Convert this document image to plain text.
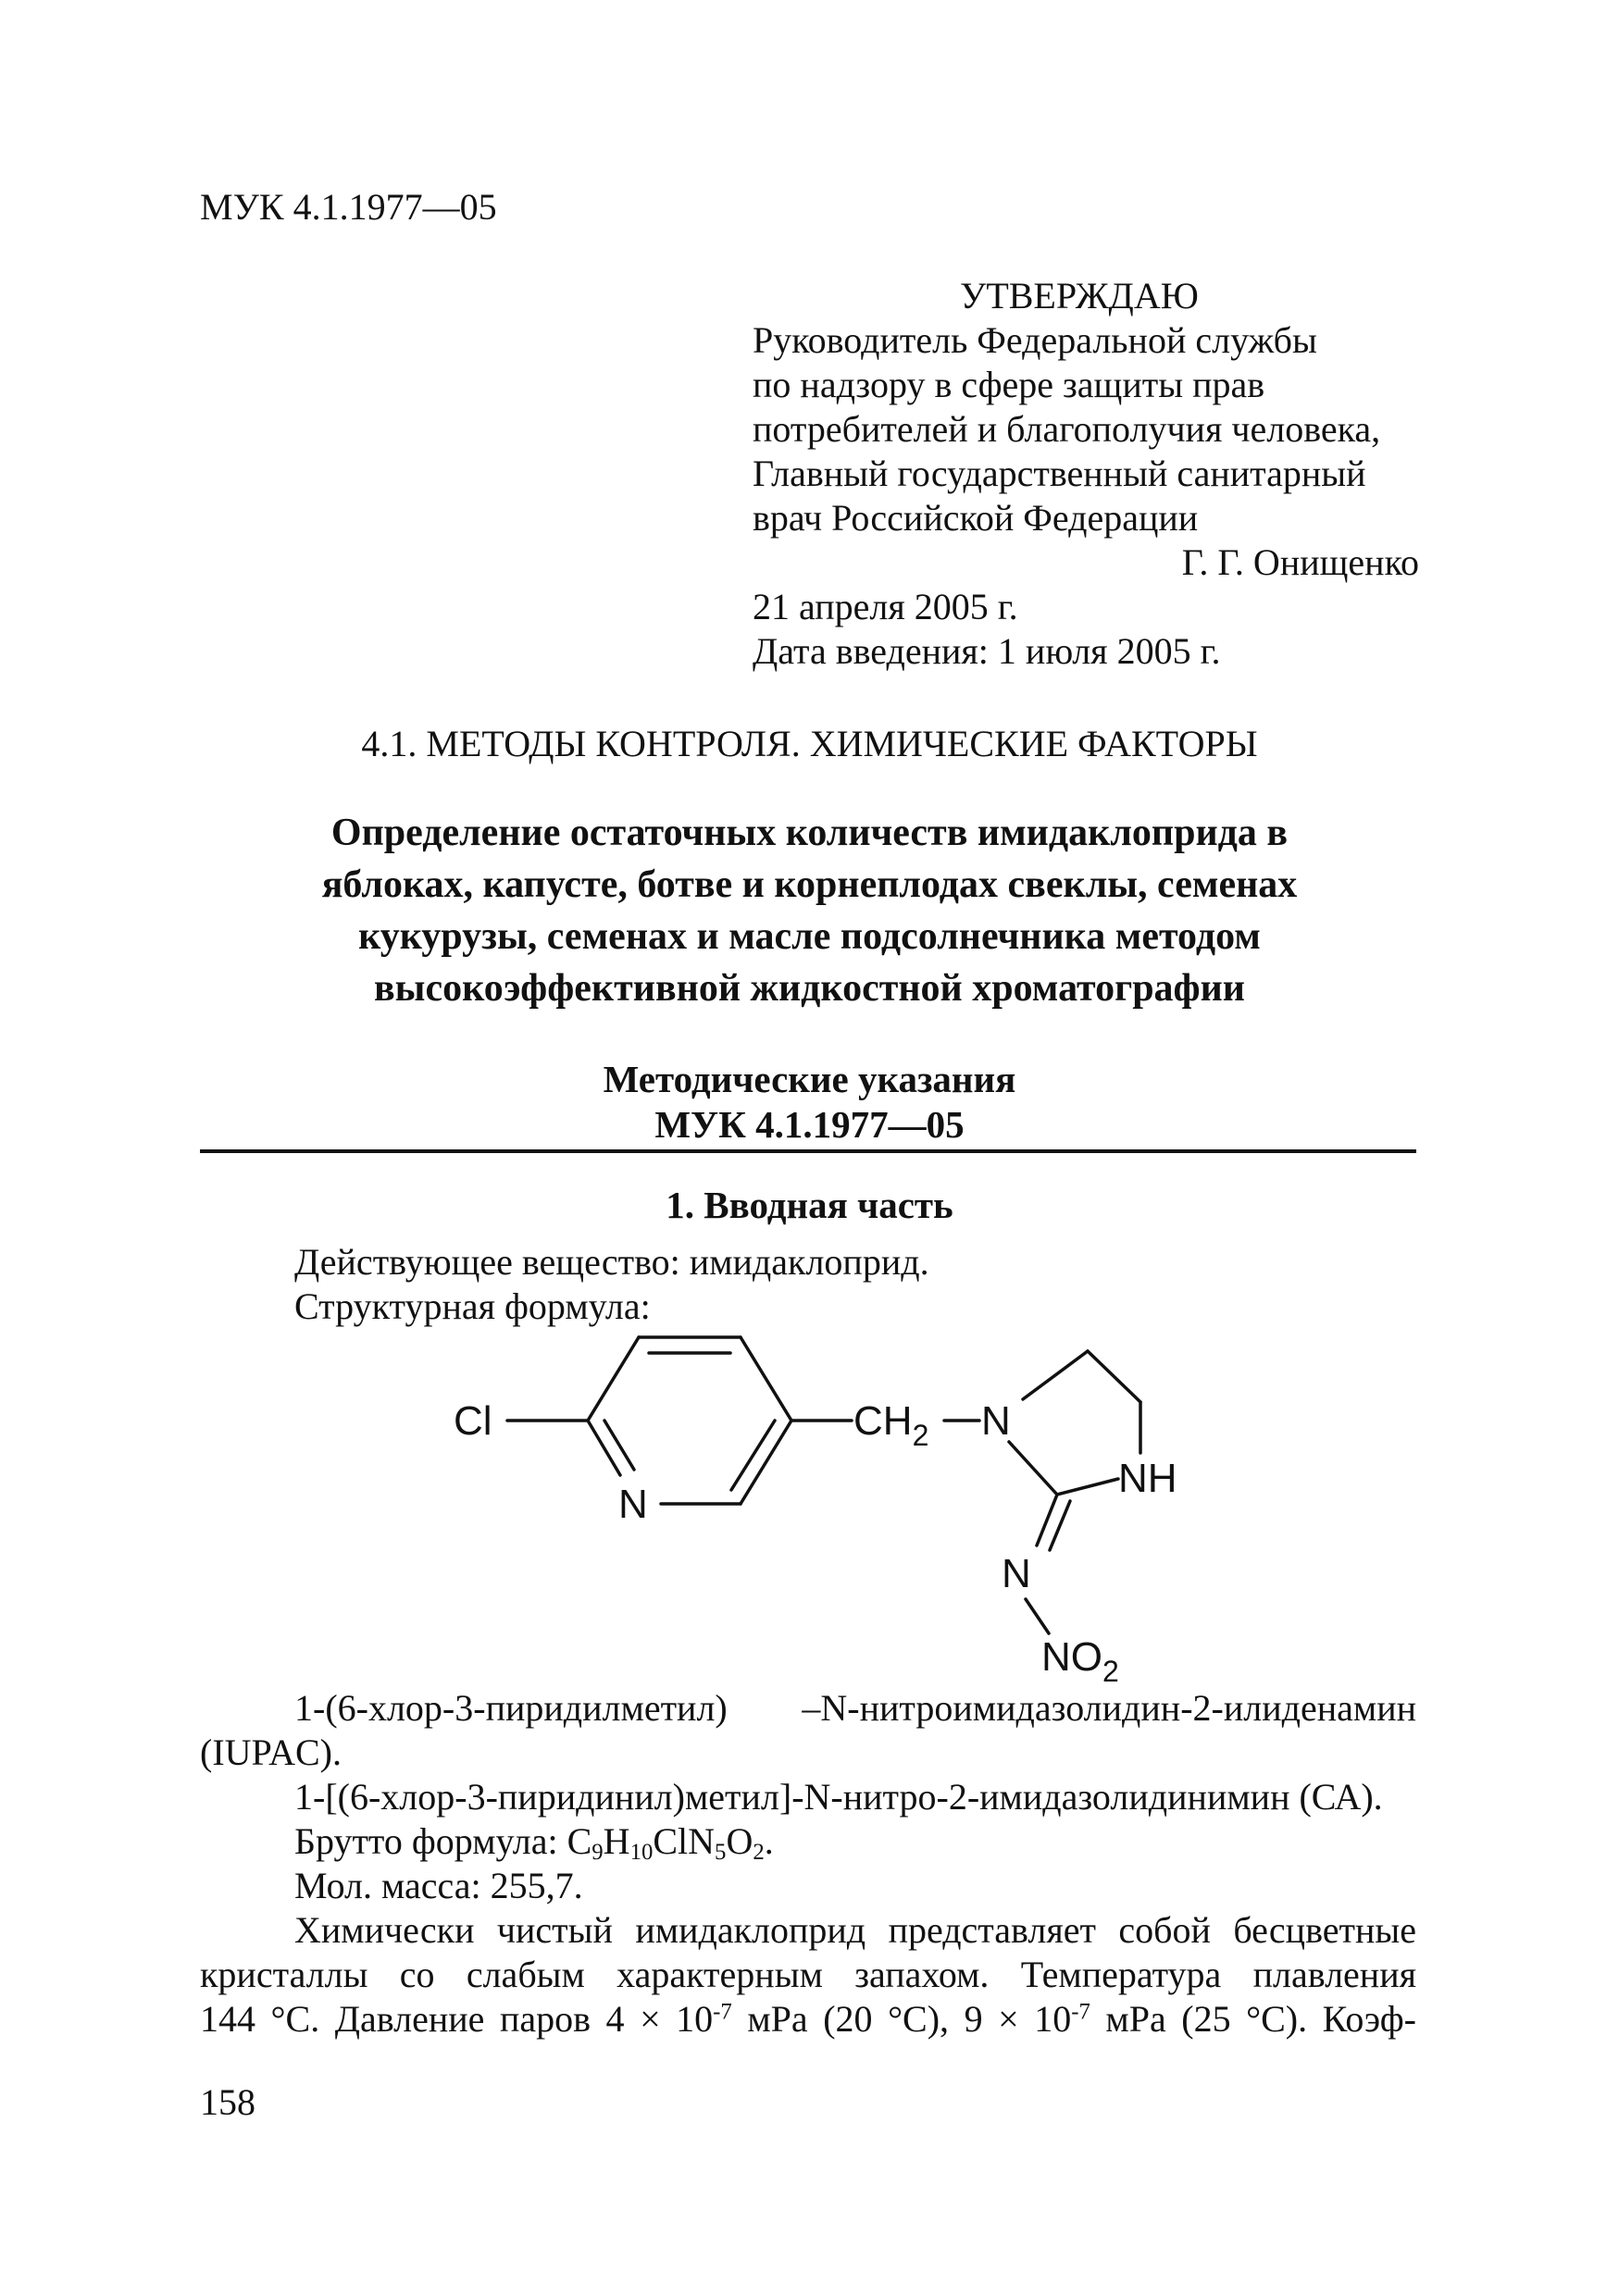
МУК 4.1.1977—05
УТВЕРЖДАЮ
Руководитель Федеральной службы
по надзору в сфере защиты прав
потребителей и благополучия человека,
Главный государственный санитарный
врач Российской Федерации
Г. Г. Онищенко
21 апреля 2005 г.
Дата введения: 1 июля 2005 г.
4.1. МЕТОДЫ КОНТРОЛЯ. ХИМИЧЕСКИЕ ФАКТОРЫ
Определение остаточных количеств имидаклоприда в
яблоках, капусте, ботве и корнеплодах свеклы, семенах
кукурузы, семенах и масле подсолнечника методом
высокоэффективной жидкостной хроматографии
Методические указания
МУК 4.1.1977—05
1. Вводная часть
Действующее вещество: имидаклоприд.
Структурная формула:
Cl
N
$CH_2$ N
NH
N
$NO_2$
1-(6-хлор-3-пиридилметил) –N-нитроимидазолидин-2-илиденамин
(IUPAC).
1-[(6-хлор-3-пиридинил)метил]-N-нитро-2-имидазолидинимин (СА).
Брутто формула: $C_9H_{10}ClN_5O_2$.
Мол. масса: 255,7.
Химически чистый имидаклоприд представляет собой бесцветные
кристаллы со слабым характерным запахом. Температура плавления
144 °С. Давление паров $4 \times 10^{-7}$ мРа (20 °С), $9 \times 10^{-7}$ мРа (25 °С). Коэф-
158
